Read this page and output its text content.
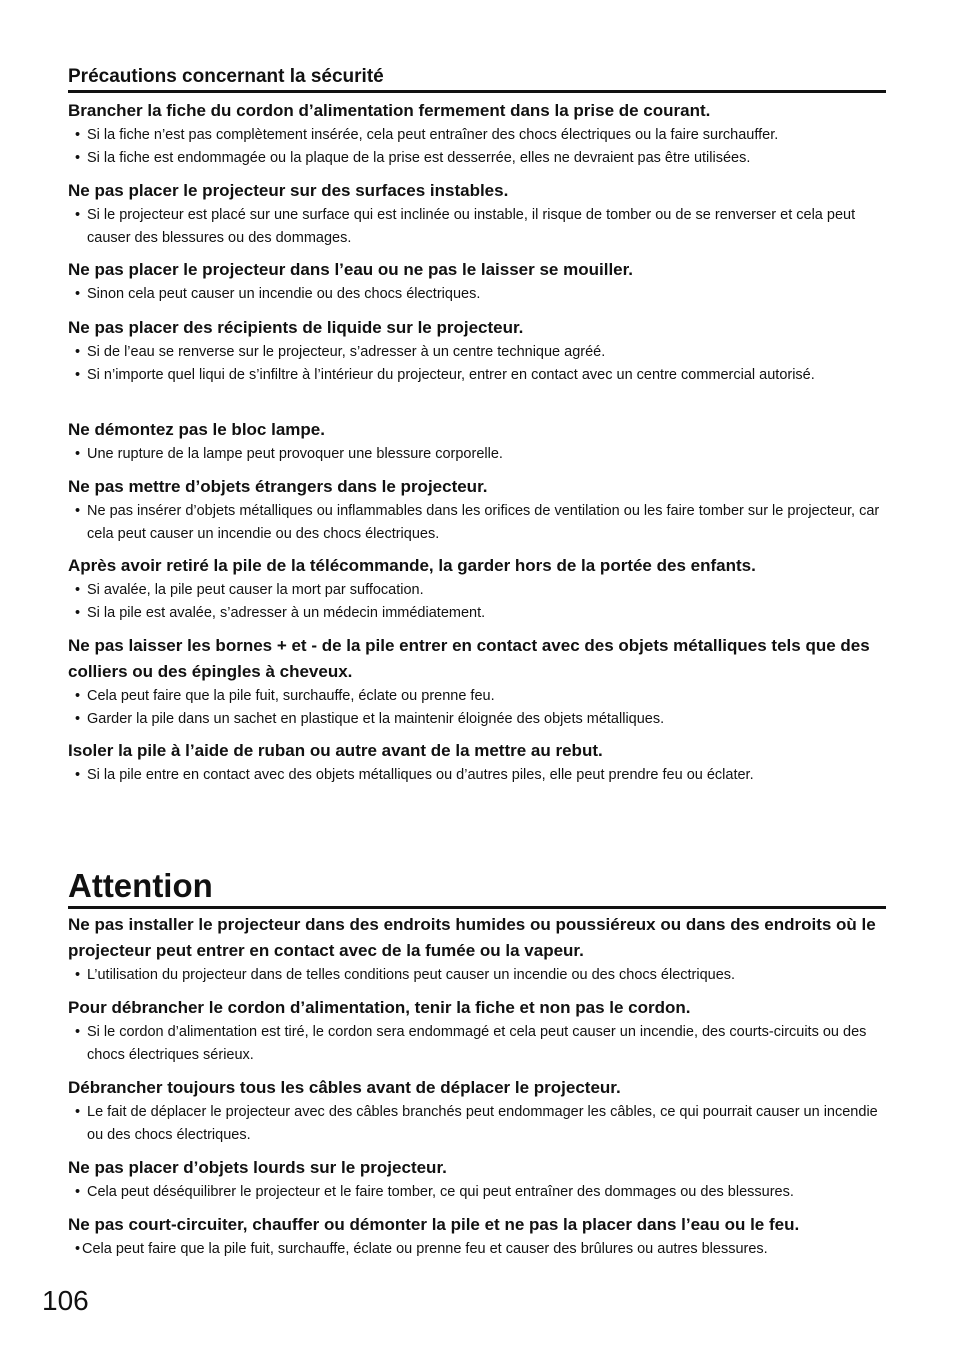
Précautions concernant la sécurité
Brancher la fiche du cordon d’alimentation fermement dans la prise de courant.

• Si la fiche n’est pas complètement insérée, cela peut entraîner des chocs électriques ou la faire surchauffer.

• Si la fiche est endommagée ou la plaque de la prise est desserrée, elles ne devraient pas être utilisées.

Ne pas placer le projecteur sur des surfaces instables.

• Si le projecteur est placé sur une surface qui est inclinée ou instable, il risque de tomber ou de se renverser et cela peut causer des blessures ou des dommages.

Ne pas placer le projecteur dans l’eau ou ne pas le laisser se mouiller.

• Sinon cela peut causer un incendie ou des chocs électriques.

Ne pas placer des récipients de liquide sur le projecteur.

• Si de l’eau se renverse sur le projecteur, s’adresser à un centre technique agréé.

• Si n’importe quel liqui de s’infiltre à l’intérieur du projecteur, entrer en contact avec un centre commercial autorisé.

Ne démontez pas le bloc lampe.

• Une rupture de la lampe peut provoquer une blessure corporelle.

Ne pas mettre d’objets étrangers dans le projecteur.

• Ne pas insérer d’objets métalliques ou inflammables dans les orifices de ventilation ou les faire tomber sur le projecteur, car cela peut causer un incendie ou des chocs électriques.

Après avoir retiré la pile de la télécommande, la garder hors de la portée des enfants.

• Si avalée, la pile peut causer la mort par suffocation.

• Si la pile est avalée, s’adresser à un médecin immédiatement.

Ne pas laisser les bornes + et - de la pile entrer en contact avec des objets métalliques tels que des colliers ou des épingles à cheveux.

• Cela peut faire que la pile fuit, surchauffe, éclate ou prenne feu.

• Garder la pile dans un sachet en plastique et la maintenir éloignée des objets métalliques.

Isoler la pile à l’aide de ruban ou autre avant de la mettre au rebut.

• Si la pile entre en contact avec des objets métalliques ou d’autres piles, elle peut prendre feu ou éclater.

Attention
Ne pas installer le projecteur dans des endroits humides ou poussiéreux ou dans des endroits où le projecteur peut entrer en contact avec de la fumée ou la vapeur.

• L’utilisation du projecteur dans de telles conditions peut causer un incendie ou des chocs électriques.

Pour débrancher le cordon d’alimentation, tenir la fiche et non pas le cordon.

• Si le cordon d’alimentation est tiré, le cordon sera endommagé et cela peut causer un incendie, des courts-circuits ou des chocs électriques sérieux.

Débrancher toujours tous les câbles avant de déplacer le projecteur.

• Le fait de déplacer le projecteur avec des câbles branchés peut endommager les câbles, ce qui pourrait causer un incendie ou des chocs électriques.

Ne pas placer d’objets lourds sur le projecteur.

• Cela peut déséquilibrer le projecteur et le faire tomber, ce qui peut entraîner des dommages ou des blessures.

Ne pas court-circuiter, chauffer ou démonter la pile et ne pas la placer dans l’eau ou le feu.

• Cela peut faire que la pile fuit, surchauffe, éclate ou prenne feu et causer des brûlures ou autres blessures.

106
